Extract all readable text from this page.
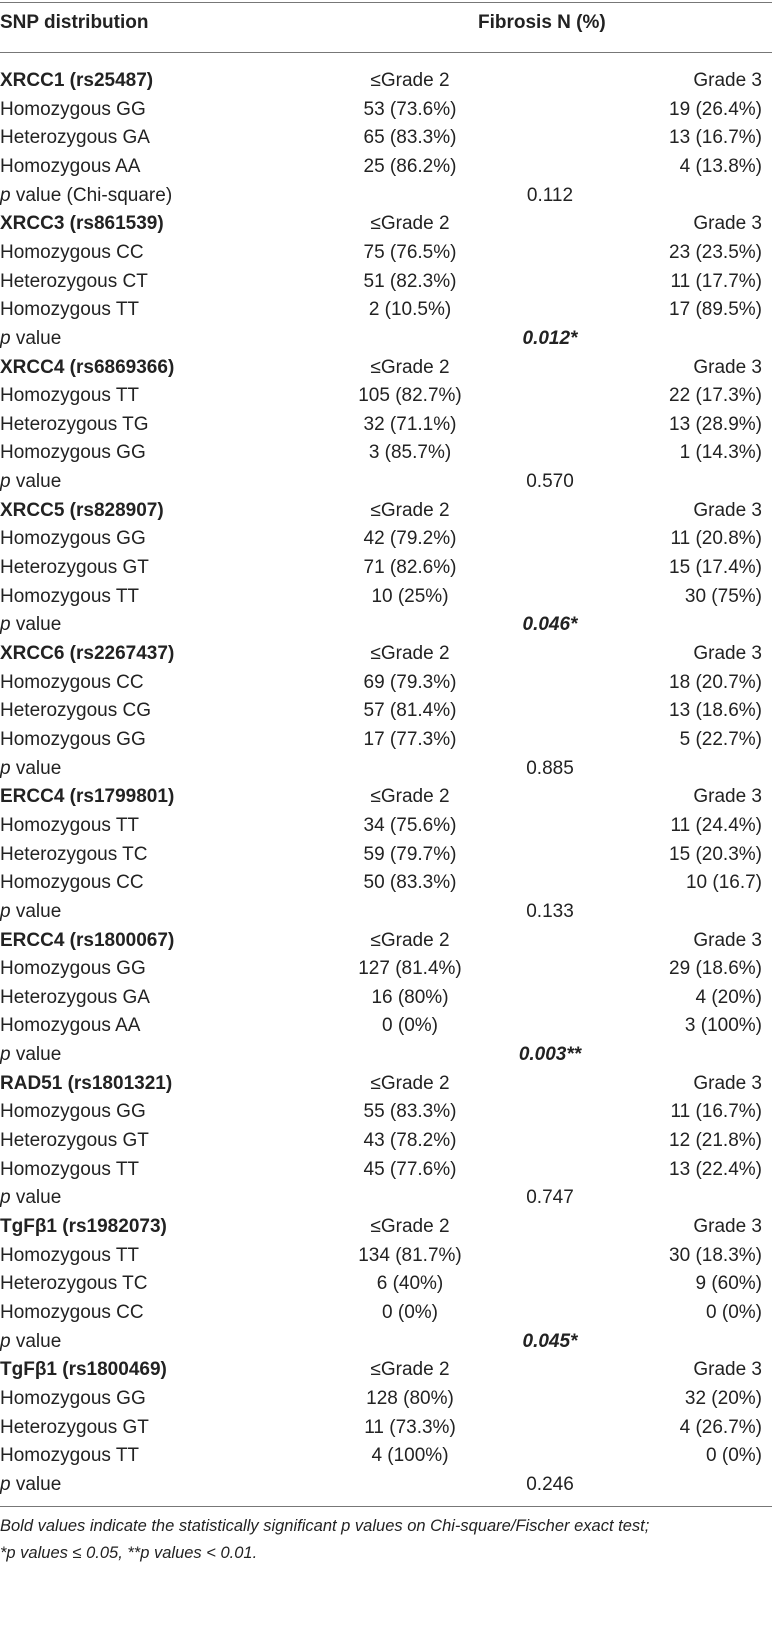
SNP distribution	Fibrosis N (%)
XRCC1 (rs25487)	≤Grade 2	Grade 3
Homozygous GG	53 (73.6%)	19 (26.4%)
Heterozygous GA	65 (83.3%)	13 (16.7%)
Homozygous AA	25 (86.2%)	4 (13.8%)
p value (Chi-square)	0.112
XRCC3 (rs861539)	≤Grade 2	Grade 3
Homozygous CC	75 (76.5%)	23 (23.5%)
Heterozygous CT	51 (82.3%)	11 (17.7%)
Homozygous TT	2 (10.5%)	17 (89.5%)
p value	0.012*
XRCC4 (rs6869366)	≤Grade 2	Grade 3
Homozygous TT	105 (82.7%)	22 (17.3%)
Heterozygous TG	32 (71.1%)	13 (28.9%)
Homozygous GG	3 (85.7%)	1 (14.3%)
p value	0.570
XRCC5 (rs828907)	≤Grade 2	Grade 3
Homozygous GG	42 (79.2%)	11 (20.8%)
Heterozygous GT	71 (82.6%)	15 (17.4%)
Homozygous TT	10 (25%)	30 (75%)
p value	0.046*
XRCC6 (rs2267437)	≤Grade 2	Grade 3
Homozygous CC	69 (79.3%)	18 (20.7%)
Heterozygous CG	57 (81.4%)	13 (18.6%)
Homozygous GG	17 (77.3%)	5 (22.7%)
p value	0.885
ERCC4 (rs1799801)	≤Grade 2	Grade 3
Homozygous TT	34 (75.6%)	11 (24.4%)
Heterozygous TC	59 (79.7%)	15 (20.3%)
Homozygous CC	50 (83.3%)	10 (16.7)
p value	0.133
ERCC4 (rs1800067)	≤Grade 2	Grade 3
Homozygous GG	127 (81.4%)	29 (18.6%)
Heterozygous GA	16 (80%)	4 (20%)
Homozygous AA	0 (0%)	3 (100%)
p value	0.003**
RAD51 (rs1801321)	≤Grade 2	Grade 3
Homozygous GG	55 (83.3%)	11 (16.7%)
Heterozygous GT	43 (78.2%)	12 (21.8%)
Homozygous TT	45 (77.6%)	13 (22.4%)
p value	0.747
TgFβ1 (rs1982073)	≤Grade 2	Grade 3
Homozygous TT	134 (81.7%)	30 (18.3%)
Heterozygous TC	6 (40%)	9 (60%)
Homozygous CC	0 (0%)	0 (0%)
p value	0.045*
TgFβ1 (rs1800469)	≤Grade 2	Grade 3
Homozygous GG	128 (80%)	32 (20%)
Heterozygous GT	11 (73.3%)	4 (26.7%)
Homozygous TT	4 (100%)	0 (0%)
p value	0.246
Bold values indicate the statistically significant p values on Chi-square/Fischer exact test;
*p values ≤ 0.05, **p values < 0.01.
